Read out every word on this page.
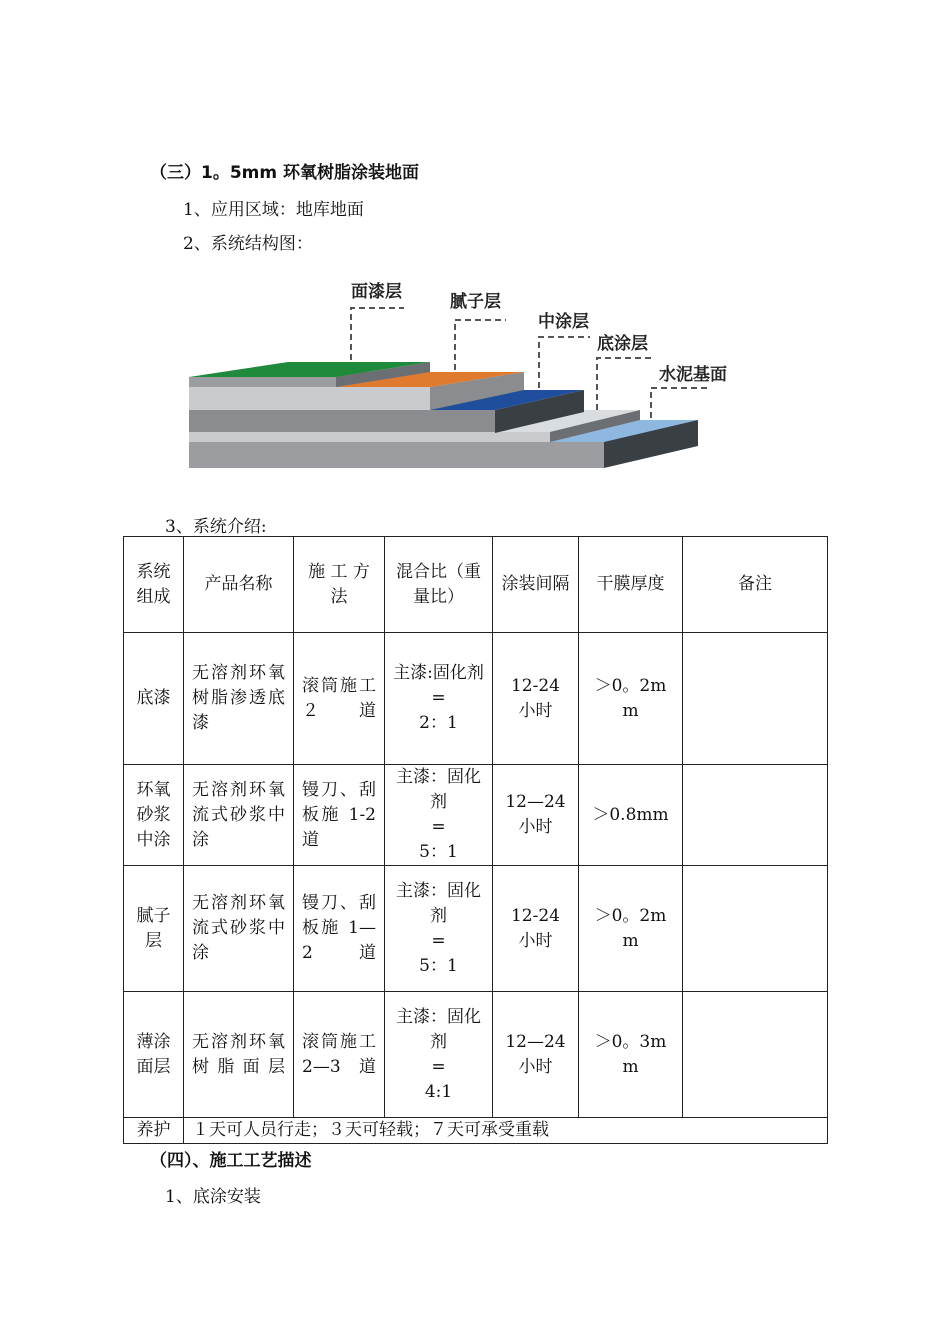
（三）1。5mm 环氧树脂涂装地面
1、应用区域：地库地面
2、系统结构图：
面漆层	腻子层
中涂层
底涂层
水泥基面
3、系统介绍:
系统组成	产品名称	施 工 方 法	混合比（重量比）	涂装间隔	干膜厚度	备注
底漆	无溶剂环氧树脂渗透底漆	滚筒施工２道	主漆:固化剂
=
2：1	12-24 小时	＞0。2mm	
环氧砂浆中涂	无溶剂环氧流式砂浆中涂	镘刀、刮板施 1-2 道	主漆：固化剂
=
5：1	12—24 小时	＞0.8mm	
腻子层	无溶剂环氧流式砂浆中涂	镘刀、刮板施 1—2 道	主漆：固化剂
=
5：1	12-24 小时	＞0。2mm	
薄涂面层	无溶剂环氧树脂面层	滚筒施工 2—3 道	主漆：固化剂
=
4:1	12—24 小时	＞0。3mm	
养护	１天可人员行走；３天可轻载；７天可承受重载					
（四）、施工工艺描述
1、底涂安装
